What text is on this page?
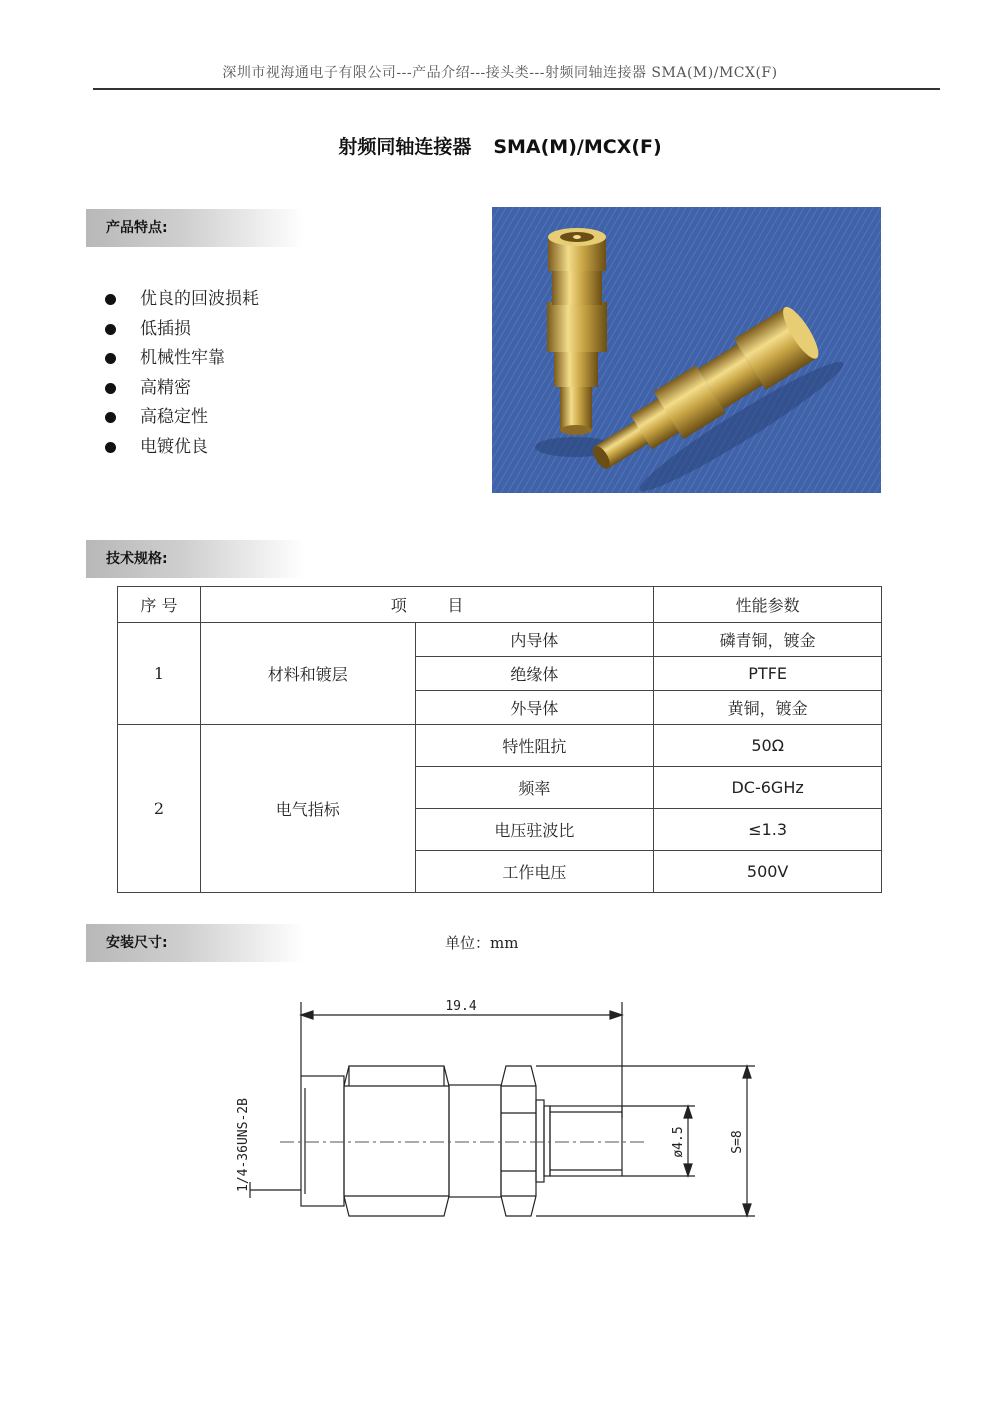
深圳市视海通电子有限公司---产品介绍---接头类---射频同轴连接器 SMA(M)/MCX(F)
射频同轴连接器 SMA(M)/MCX(F)
产品特点:
优良的回波损耗
低插损
机械性牢靠
高精密
高稳定性
电镀优良
技术规格:
序 号	项        目		性能参数
1	材料和镀层	内导体	磷青铜，镀金
		绝缘体	PTFE
		外导体	黄铜，镀金
2	电气指标	特性阻抗	50Ω
		频率	DC-6GHz
		电压驻波比	≤1.3
		工作电压	500V
安装尺寸:	单位：mm
19.4
1/4-36UNS-2B	ø4.5	S=8
